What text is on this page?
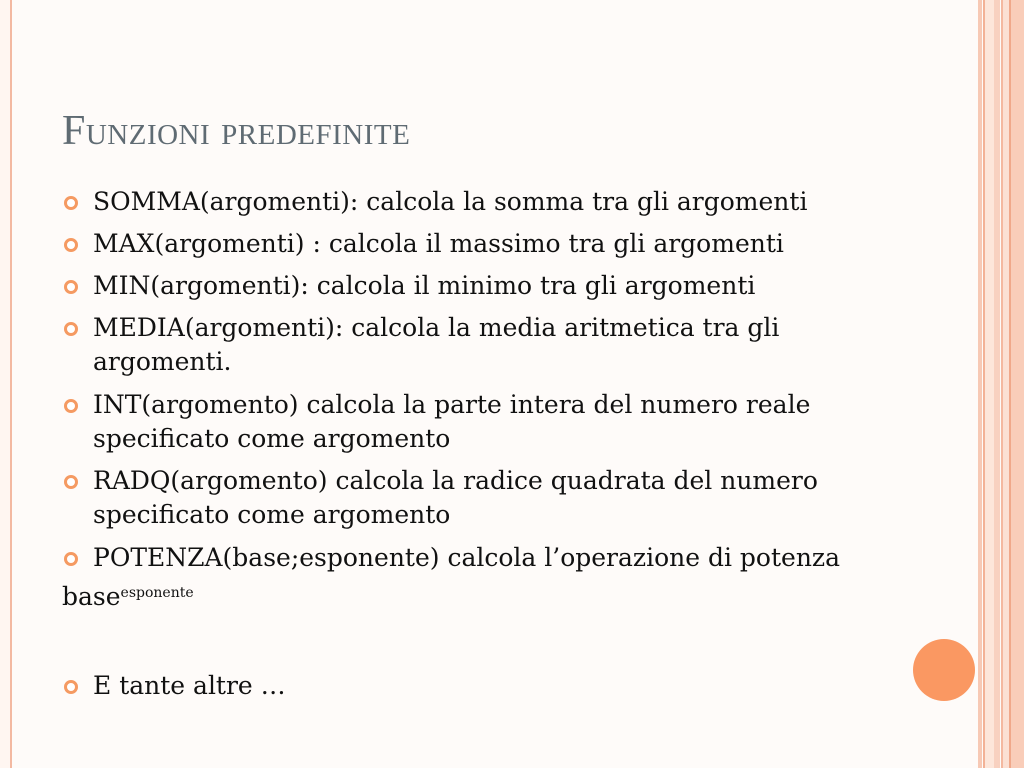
Funzioni predefinite
SOMMA(argomenti): calcola la somma tra gli argomenti
MAX(argomenti) : calcola il massimo tra gli argomenti
MIN(argomenti): calcola il minimo tra gli argomenti
MEDIA(argomenti): calcola la media aritmetica tra gli
argomenti.
INT(argomento) calcola la parte intera del numero reale
specificato come argomento
RADQ(argomento) calcola la radice quadrata del numero
specificato come argomento
POTENZA(base;esponente) calcola l’operazione di potenza
base$^{esponente}$
E tante altre …
